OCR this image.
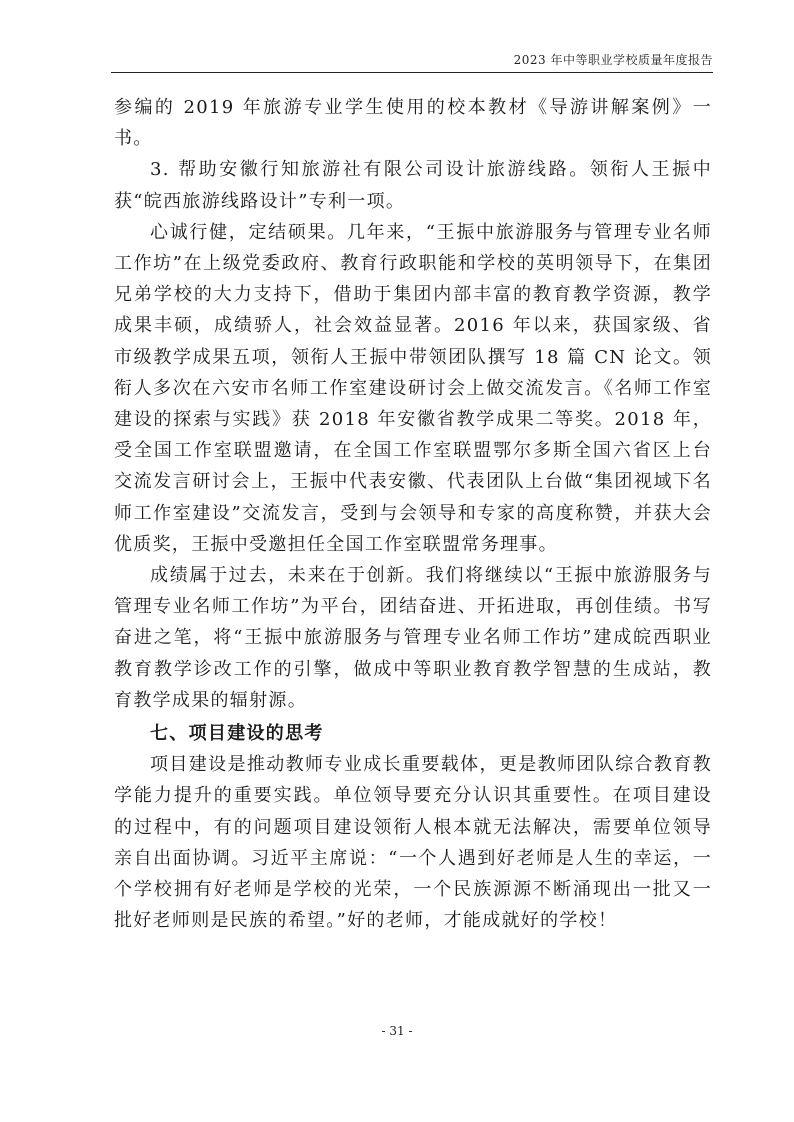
2023 年中等职业学校质量年度报告

参编的 2019 年旅游专业学生使用的校本教材《导游讲解案例》一书。

3. 帮助安徽行知旅游社有限公司设计旅游线路。领衔人王振中获“皖西旅游线路设计”专利一项。

心诚行健，定结硕果。几年来，“王振中旅游服务与管理专业名师工作坊”在上级党委政府、教育行政职能和学校的英明领导下，在集团兄弟学校的大力支持下，借助于集团内部丰富的教育教学资源，教学成果丰硕，成绩骄人，社会效益显著。2016 年以来，获国家级、省市级教学成果五项，领衔人王振中带领团队撰写 18 篇 CN 论文。领衔人多次在六安市名师工作室建设研讨会上做交流发言。《名师工作室建设的探索与实践》获 2018 年安徽省教学成果二等奖。2018 年，受全国工作室联盟邀请，在全国工作室联盟鄂尔多斯全国六省区上台交流发言研讨会上，王振中代表安徽、代表团队上台做“集团视域下名师工作室建设”交流发言，受到与会领导和专家的高度称赞，并获大会优质奖，王振中受邀担任全国工作室联盟常务理事。

成绩属于过去，未来在于创新。我们将继续以“王振中旅游服务与管理专业名师工作坊”为平台，团结奋进、开拓进取，再创佳绩。书写奋进之笔，将“王振中旅游服务与管理专业名师工作坊”建成皖西职业教育教学诊改工作的引擎，做成中等职业教育教学智慧的生成站，教育教学成果的辐射源。

七、项目建设的思考

项目建设是推动教师专业成长重要载体，更是教师团队综合教育教学能力提升的重要实践。单位领导要充分认识其重要性。在项目建设的过程中，有的问题项目建设领衔人根本就无法解决，需要单位领导亲自出面协调。习近平主席说：“一个人遇到好老师是人生的幸运，一个学校拥有好老师是学校的光荣，一个民族源源不断涌现出一批又一批好老师则是民族的希望。”好的老师，才能成就好的学校！

- 31 -
